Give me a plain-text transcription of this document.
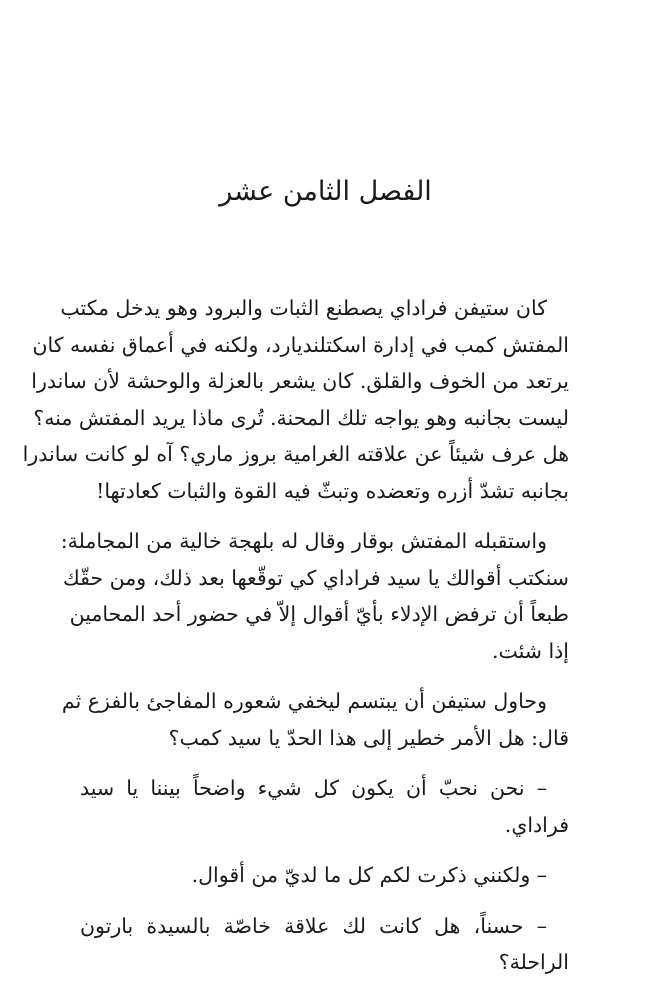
الفصل الثامن عشر

كان ستيفن فراداي يصطنع الثبات والبرود وهو يدخل مكتب
المفتش كمب في إدارة اسكتلنديارد، ولكنه في أعماق نفسه كان
يرتعد من الخوف والقلق. كان يشعر بالعزلة والوحشة لأن ساندرا
ليست بجانبه وهو يواجه تلك المحنة. تُرى ماذا يريد المفتش منه؟
هل عرف شيئاً عن علاقته الغرامية بروز ماري؟ آه لو كانت ساندرا
بجانبه تشدّ أزره وتعضده وتبثّ فيه القوة والثبات كعادتها!

واستقبله المفتش بوقار وقال له بلهجة خالية من المجاملة:
سنكتب أقوالك يا سيد فراداي كي توقّعها بعد ذلك، ومن حقّك
طبعاً أن ترفض الإدلاء بأيّ أقوال إلاّ في حضور أحد المحامين
إذا شئت.

وحاول ستيفن أن يبتسم ليخفي شعوره المفاجئ بالفزع ثم
قال: هل الأمر خطير إلى هذا الحدّ يا سيد كمب؟

– نحن نحبّ أن يكون كل شيء واضحاً بيننا يا سيد
فراداي.

– ولكنني ذكرت لكم كل ما لديّ من أقوال.

– حسناً، هل كانت لك علاقة خاصّة بالسيدة بارتون
الراحلة؟
